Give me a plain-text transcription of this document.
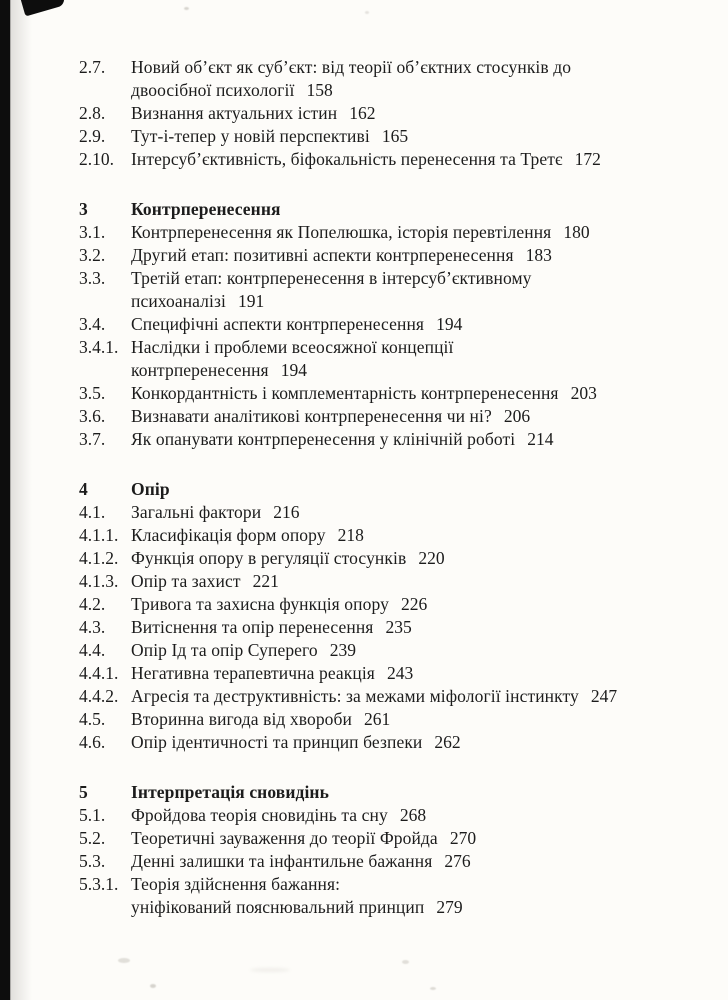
2.7.	Новий об’єкт як суб’єкт: від теорії об’єктних стосунків до
двоосібної психології 158
2.8.	Визнання актуальних істин 162
2.9.	Тут-і-тепер у новій перспективі 165
2.10. Інтерсуб’єктивність, біфокальність перенесення та Третє 172
3	Контрперенесення
3.1.	Контрперенесення як Попелюшка, історія перевтілення 180
3.2.	Другий етап: позитивні аспекти контрперенесення 183
3.3.	Третій етап: контрперенесення в інтерсуб’єктивному
психоаналізі 191
3.4.	Специфічні аспекти контрперенесення 194
3.4.1. Наслідки і проблеми всеосяжної концепції
контрперенесення 194
3.5.	Конкордантність і комплементарність контрперенесення 203
3.6.	Визнавати аналітикові контрперенесення чи ні? 206
3.7.	Як опанувати контрперенесення у клінічній роботі 214
4	Опір
4.1.	Загальні фактори 216
4.1.1. Класифікація форм опору 218
4.1.2. Функція опору в регуляції стосунків 220
4.1.3. Опір та захист 221
4.2.	Тривога та захисна функція опору 226
4.3.	Витіснення та опір перенесення 235
4.4.	Опір Ід та опір Суперего 239
4.4.1. Негативна терапевтична реакція 243
4.4.2. Агресія та деструктивність: за межами міфології інстинкту 247
4.5.	Вторинна вигода від хвороби 261
4.6.	Опір ідентичності та принцип безпеки 262
5	Інтерпретація сновидінь
5.1.	Фройдова теорія сновидінь та сну 268
5.2.	Теоретичні зауваження до теорії Фройда 270
5.3.	Денні залишки та інфантильне бажання 276
5.3.1. Теорія здійснення бажання:
уніфікований пояснювальний принцип 279
